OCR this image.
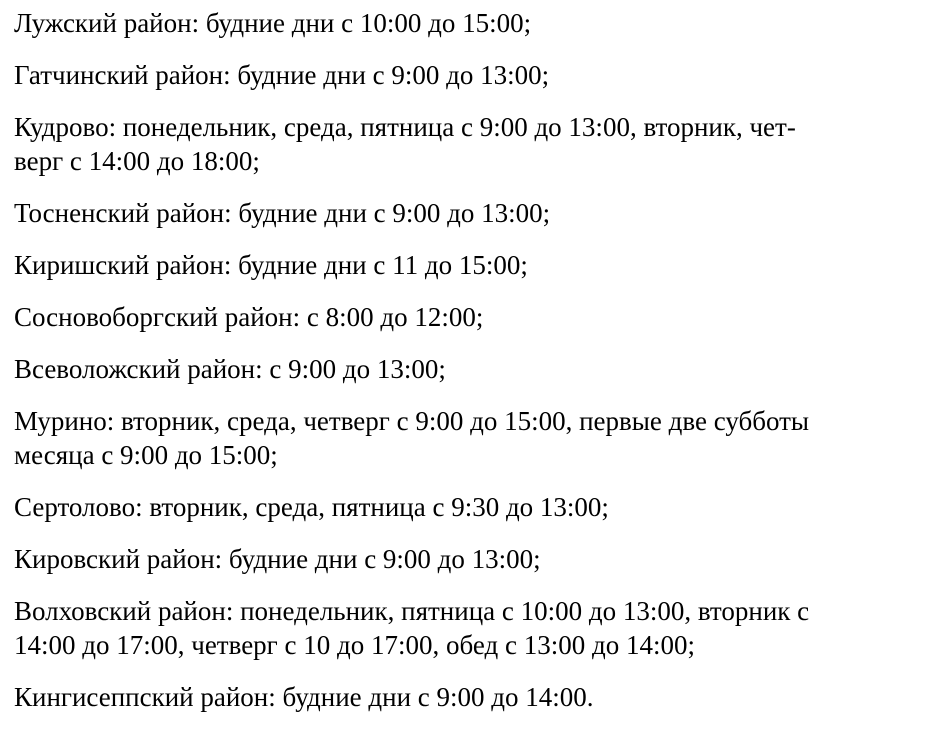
Лужский район: будние дни с 10:00 до 15:00;

Гатчинский район: будние дни с 9:00 до 13:00;

Кудрово: понедельник, среда, пятница с 9:00 до 13:00, вторник, чет-
верг с 14:00 до 18:00;

Тосненский район: будние дни с 9:00 до 13:00;

Киришский район: будние дни с 11 до 15:00;

Сосновоборгский район: с 8:00 до 12:00;

Всеволожский район: с 9:00 до 13:00;

Мурино: вторник, среда, четверг с 9:00 до 15:00, первые две субботы
месяца с 9:00 до 15:00;

Сертолово: вторник, среда, пятница с 9:30 до 13:00;

Кировский район: будние дни с 9:00 до 13:00;

Волховский район: понедельник, пятница с 10:00 до 13:00, вторник с
14:00 до 17:00, четверг с 10 до 17:00, обед с 13:00 до 14:00;

Кингисеппский район: будние дни с 9:00 до 14:00.
